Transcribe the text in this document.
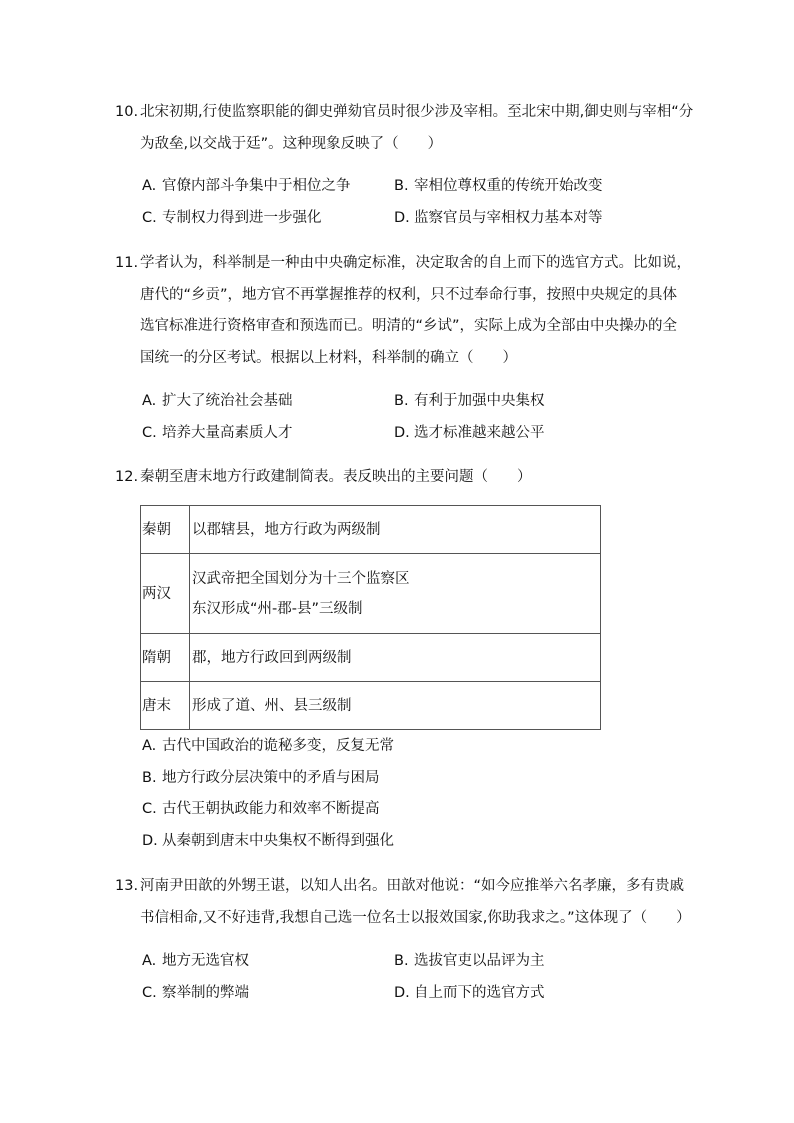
10. 北宋初期,行使监察职能的御史弹劾官员时很少涉及宰相。至北宋中期,御史则与宰相“分
为敌垒,以交战于廷”。这种现象反映了（　　）
A. 官僚内部斗争集中于相位之争	B. 宰相位尊权重的传统开始改变
C. 专制权力得到进一步强化	D. 监察官员与宰相权力基本对等
11. 学者认为，科举制是一种由中央确定标准，决定取舍的自上而下的选官方式。比如说，
唐代的“乡贡”，地方官不再掌握推荐的权利，只不过奉命行事，按照中央规定的具体
选官标准进行资格审查和预选而已。明清的“乡试”，实际上成为全部由中央操办的全
国统一的分区考试。根据以上材料，科举制的确立（　　）
A. 扩大了统治社会基础	B. 有利于加强中央集权
C. 培养大量高素质人才	D. 选才标准越来越公平
12. 秦朝至唐末地方行政建制简表。表反映出的主要问题（　　）
秦朝	以郡辖县，地方行政为两级制

两汉	汉武帝把全国划分为十三个监察区
东汉形成“州-郡-县”三级制

隋朝	郡，地方行政回到两级制

唐末	形成了道、州、县三级制
A. 古代中国政治的诡秘多变，反复无常
B. 地方行政分层决策中的矛盾与困局
C. 古代王朝执政能力和效率不断提高
D. 从秦朝到唐末中央集权不断得到强化
13. 河南尹田歆的外甥王谌，以知人出名。田歆对他说：“如今应推举六名孝廉，多有贵戚
书信相命,又不好违背,我想自己选一位名士以报效国家,你助我求之。”这体现了（　　）
A. 地方无选官权	B. 选拔官吏以品评为主
C. 察举制的弊端	D. 自上而下的选官方式
